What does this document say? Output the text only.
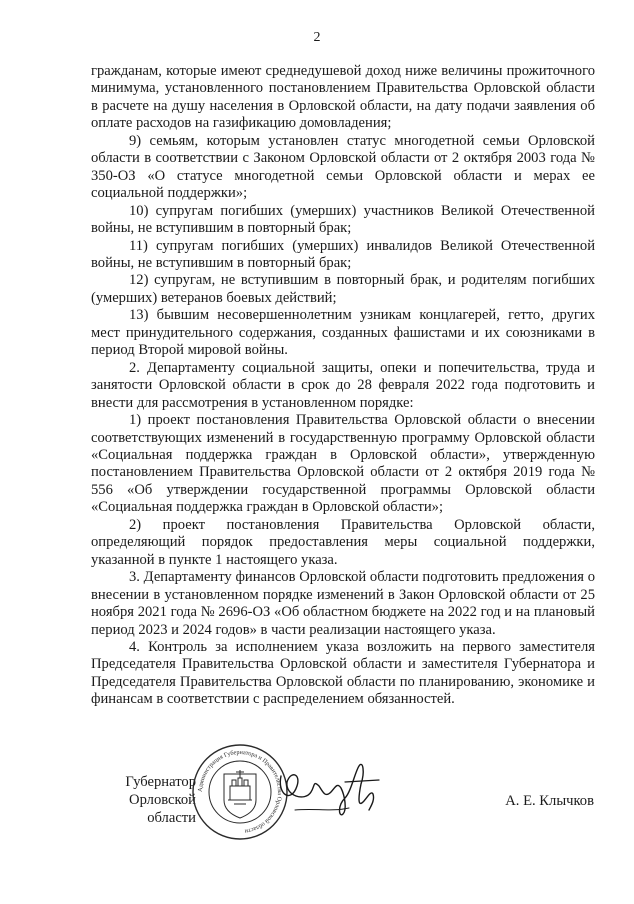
2

гражданам, которые имеют среднедушевой доход ниже величины прожиточного минимума, установленного постановлением Правительства Орловской области в расчете на душу населения в Орловской области, на дату подачи заявления об оплате расходов на газификацию домовладения;

9) семьям, которым установлен статус многодетной семьи Орловской области в соответствии с Законом Орловской области от 2 октября 2003 года № 350-ОЗ «О статусе многодетной семьи Орловской области и мерах ее социальной поддержки»;

10) супругам погибших (умерших) участников Великой Отечественной войны, не вступившим в повторный брак;

11) супругам погибших (умерших) инвалидов Великой Отечественной войны, не вступившим в повторный брак;

12) супругам, не вступившим в повторный брак, и родителям погибших (умерших) ветеранов боевых действий;

13) бывшим несовершеннолетним узникам концлагерей, гетто, других мест принудительного содержания, созданных фашистами и их союзниками в период Второй мировой войны.

2. Департаменту социальной защиты, опеки и попечительства, труда и занятости Орловской области в срок до 28 февраля 2022 года подготовить и внести для рассмотрения в установленном порядке:

1) проект постановления Правительства Орловской области о внесении соответствующих изменений в государственную программу Орловской области «Социальная поддержка граждан в Орловской области», утвержденную постановлением Правительства Орловской области от 2 октября 2019 года № 556 «Об утверждении государственной программы Орловской области «Социальная поддержка граждан в Орловской области»;

2) проект постановления Правительства Орловской области, определяющий порядок предоставления меры социальной поддержки, указанной в пункте 1 настоящего указа.

3. Департаменту финансов Орловской области подготовить предложения о внесении в установленном порядке изменений в Закон Орловской области от 25 ноября 2021 года № 2696-ОЗ «Об областном бюджете на 2022 год и на плановый период 2023 и 2024 годов» в части реализации настоящего указа.

4. Контроль за исполнением указа возложить на первого заместителя Председателя Правительства Орловской области и заместителя Губернатора и Председателя Правительства Орловской области по планированию, экономике и финансам в соответствии с распределением обязанностей.

Губернатор
Орловской области
Администрация Губернатора и Правительства Орловской области
А. Е. Клычков
